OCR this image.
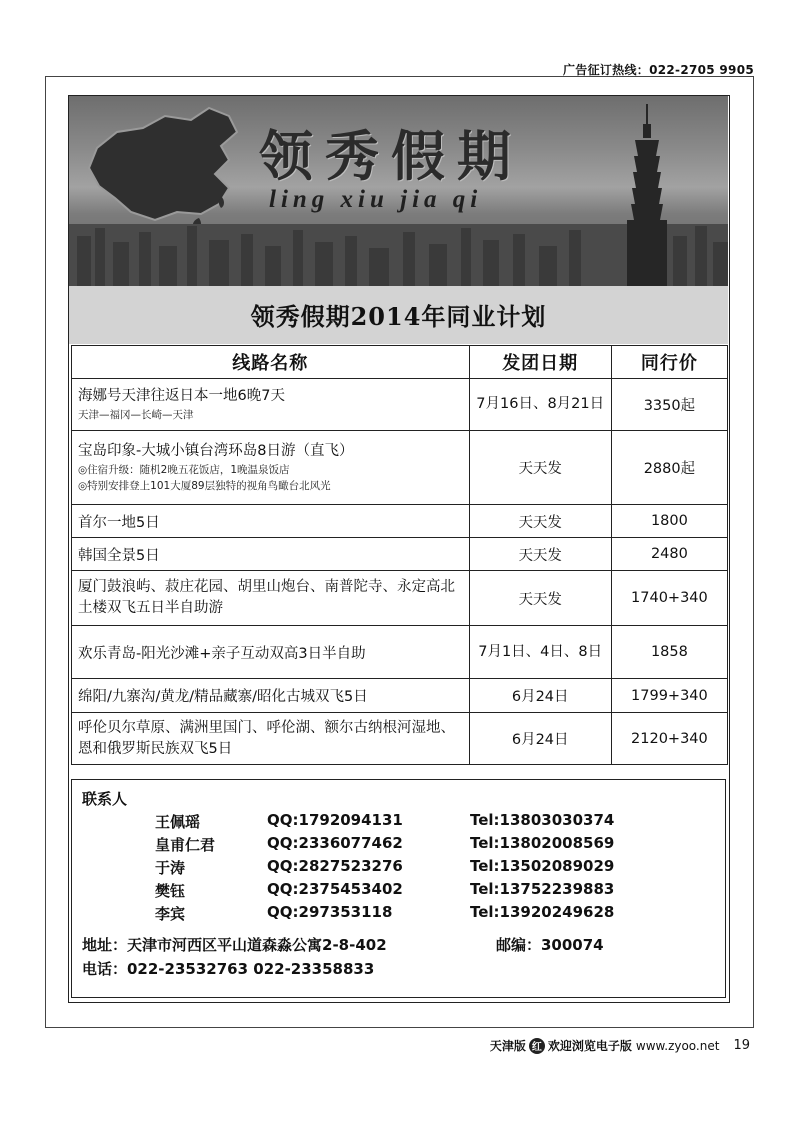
广告征订热线：022-2705 9905
领秀假期
ling xiu jia qi
领秀假期2014年同业计划
线路名称	发团日期	同行价
海娜号天津往返日本一地6晚7天
天津—福冈—长崎—天津	7月16日、8月21日	3350起
宝岛印象-大城小镇台湾环岛8日游（直飞）
◎住宿升级：随机2晚五花饭店，1晚温泉饭店
◎特别安排登上101大厦89层独特的视角鸟瞰台北风光	天天发	2880起
首尔一地5日	天天发	1800
韩国全景5日	天天发	2480
厦门鼓浪屿、菽庄花园、胡里山炮台、南普陀寺、永定高北土楼双飞五日半自助游	天天发	1740+340
欢乐青岛-阳光沙滩+亲子互动双高3日半自助	7月1日、4日、8日	1858
绵阳/九寨沟/黄龙/精品藏寨/昭化古城双飞5日	6月24日	1799+340
呼伦贝尔草原、满洲里国门、呼伦湖、额尔古纳根河湿地、恩和俄罗斯民族双飞5日	6月24日	2120+340
联系人
王佩瑶	QQ:1792094131	Tel:13803030374
皇甫仁君	QQ:2336077462	Tel:13802008569
于涛	QQ:2827523276	Tel:13502089029
樊钰	QQ:2375453402	Tel:13752239883
李宾	QQ:297353118	Tel:13920249628
地址：天津市河西区平山道森淼公寓2-8-402	邮编：300074
电话：022-23532763 022-23358833
天津版 红 欢迎浏览电子版 www.zyoo.net 19
